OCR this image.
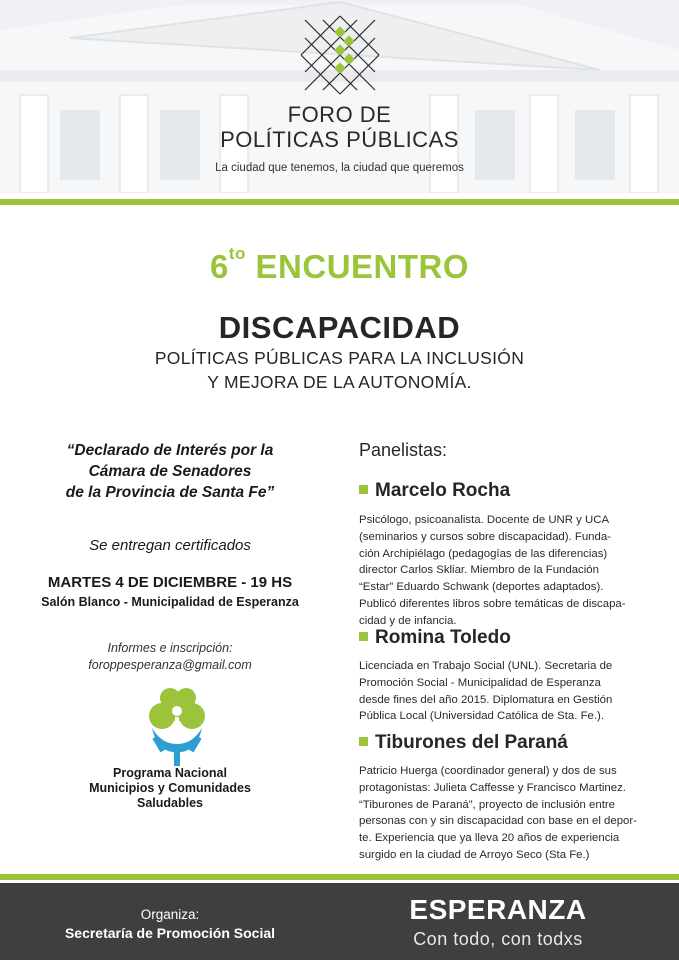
FORO DE
POLÍTICAS PÚBLICAS
La ciudad que tenemos, la ciudad que queremos
$6^{to}$ ENCUENTRO
DISCAPACIDAD
POLÍTICAS PÚBLICAS PARA LA INCLUSIÓN
Y MEJORA DE LA AUTONOMÍA.
“Declarado de Interés por la
Cámara de Senadores
de la Provincia de Santa Fe”
Se entregan certificados
MARTES 4 DE DICIEMBRE - 19 HS
Salón Blanco - Municipalidad de Esperanza
Informes e inscripción:
foroppesperanza@gmail.com
Programa Nacional
Municipios y Comunidades
Saludables
Panelistas:
Marcelo Rocha
Psicólogo, psicoanalista. Docente de UNR y UCA
(seminarios y cursos sobre discapacidad). Funda-
ción Archipiélago (pedagogías de las diferencias)
director Carlos Skliar. Miembro de la Fundación
“Estar” Eduardo Schwank (deportes adaptados).
Publicó diferentes libros sobre temáticas de discapa-
cidad y de infancia.
Romina Toledo
Licenciada en Trabajo Social (UNL). Secretaria de
Promoción Social - Municipalidad de Esperanza
desde fines del año 2015. Diplomatura en Gestión
Pública Local (Universidad Católica de Sta. Fe.).
Tiburones del Paraná
Patricio Huerga (coordinador general) y dos de sus
protagonistas: Julieta Caffesse y Francisco Martinez.
“Tiburones de Paraná”, proyecto de inclusión entre
personas con y sin discapacidad con base en el depor-
te. Experiencia que ya lleva 20 años de experiencia
surgido en la ciudad de Arroyo Seco (Sta Fe.)
Organiza:
Secretaría de Promoción Social
ESPERANZA
Con todo, con todxs
